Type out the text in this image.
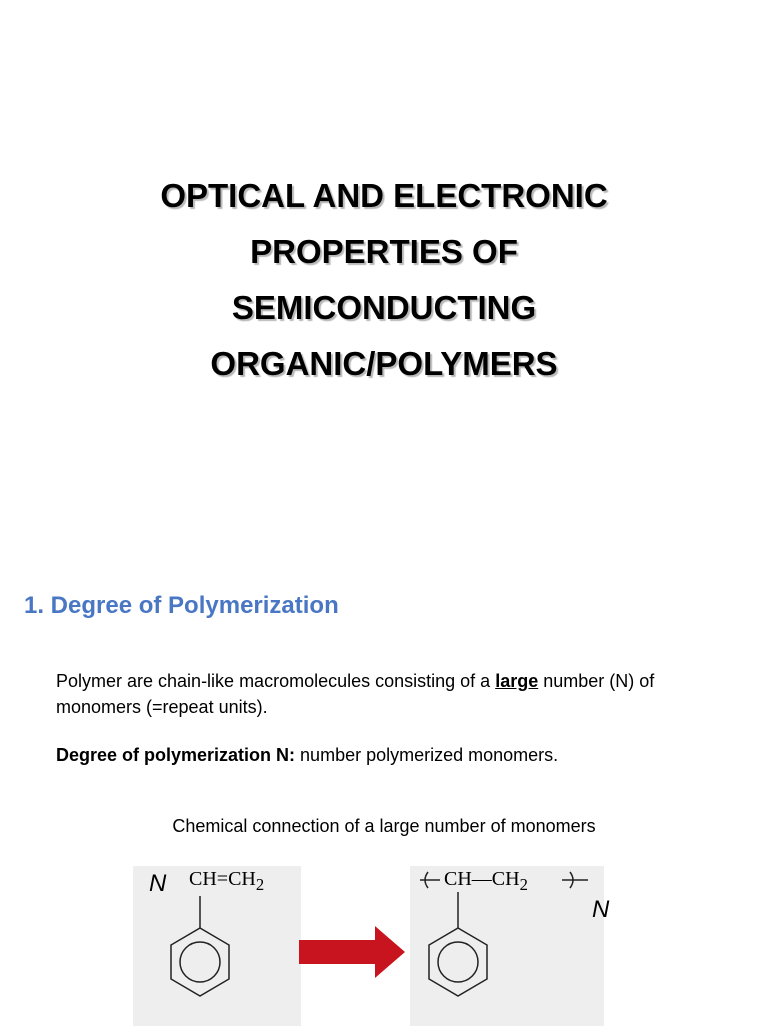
OPTICAL AND ELECTRONIC
PROPERTIES OF
SEMICONDUCTING
ORGANIC/POLYMERS
1. Degree of Polymerization
Polymer are chain-like macromolecules consisting of a large number (N) of monomers (=repeat units).
Degree of polymerization N: number polymerized monomers.
Chemical connection of a large number of monomers
N $CH=CH_2$	$CH—CH_2$
N
